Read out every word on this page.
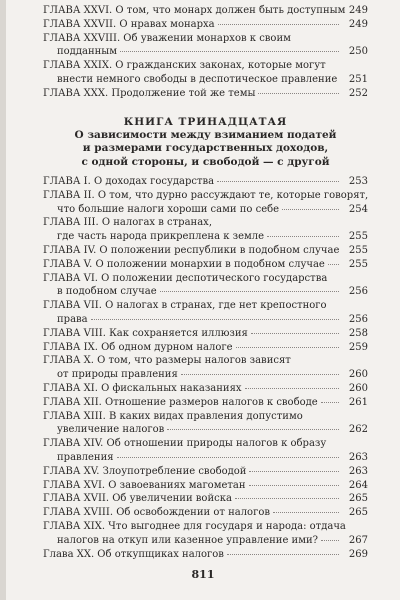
ГЛАВА XXVI. О том, что монарх должен быть доступным 249
ГЛАВА XXVII. О нравах монарха	249
ГЛАВА XXVIII. Об уважении монархов к своим
подданным	250
ГЛАВА XXIX. О гражданских законах, которые могут
внести немного свободы в деспотическое правление	251
ГЛАВА XXX. Продолжение той же темы	252
КНИГА ТРИНАДЦАТАЯ
О зависимости между взиманием податей
и размерами государственных доходов,
с одной стороны, и свободой — с другой
ГЛАВА I. О доходах государства	253
ГЛАВА II. О том, что дурно рассуждают те, которые говорят,
что большие налоги хороши сами по себе	254
ГЛАВА III. О налогах в странах,
где часть народа прикреплена к земле	255
ГЛАВА IV. О положении республики в подобном случае 255
ГЛАВА V. О положении монархии в подобном случае	255
ГЛАВА VI. О положении деспотического государства
в подобном случае	256
ГЛАВА VII. О налогах в странах, где нет крепостного
права	256
ГЛАВА VIII. Как сохраняется иллюзия	258
ГЛАВА IX. Об одном дурном налоге	259
ГЛАВА X. О том, что размеры налогов зависят
от природы правления	260
ГЛАВА XI. О фискальных наказаниях	260
ГЛАВА XII. Отношение размеров налогов к свободе	261
ГЛАВА XIII. В каких видах правления допустимо
увеличение налогов	262
ГЛАВА XIV. Об отношении природы налогов к образу
правления	263
ГЛАВА XV. Злоупотребление свободой	263
ГЛАВА XVI. О завоеваниях магометан	264
ГЛАВА XVII. Об увеличении войска	265
ГЛАВА XVIII. Об освобождении от налогов	265
ГЛАВА XIX. Что выгоднее для государя и народа: отдача
налогов на откуп или казенное управление ими?	267
Глава XX. Об откупщиках налогов	269
811
